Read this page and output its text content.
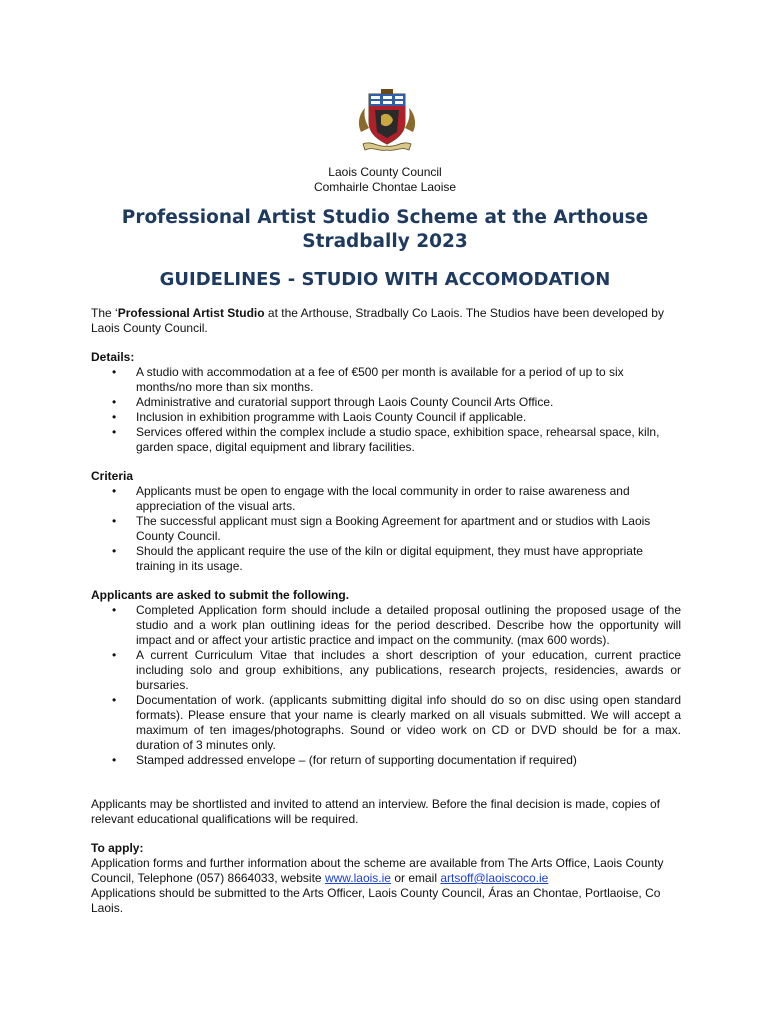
Laois County Council
Comhairle Chontae Laoise
Professional Artist Studio Scheme at the Arthouse Stradbally 2023
GUIDELINES - STUDIO WITH ACCOMODATION

The ‘Professional Artist Studio at the Arthouse, Stradbally Co Laois. The Studios have been developed by Laois County Council.

Details:
• A studio with accommodation at a fee of €500 per month is available for a period of up to six months/no more than six months.
• Administrative and curatorial support through Laois County Council Arts Office.
• Inclusion in exhibition programme with Laois County Council if applicable.
• Services offered within the complex include a studio space, exhibition space, rehearsal space, kiln, garden space, digital equipment and library facilities.
Criteria
• Applicants must be open to engage with the local community in order to raise awareness and appreciation of the visual arts.
• The successful applicant must sign a Booking Agreement for apartment and or studios with Laois County Council.
• Should the applicant require the use of the kiln or digital equipment, they must have appropriate training in its usage.
Applicants are asked to submit the following.
• Completed Application form should include a detailed proposal outlining the proposed usage of the studio and a work plan outlining ideas for the period described. Describe how the opportunity will impact and or affect your artistic practice and impact on the community. (max 600 words).
• A current Curriculum Vitae that includes a short description of your education, current practice including solo and group exhibitions, any publications, research projects, residencies, awards or bursaries.
• Documentation of work. (applicants submitting digital info should do so on disc using open standard formats). Please ensure that your name is clearly marked on all visuals submitted. We will accept a maximum of ten images/photographs. Sound or video work on CD or DVD should be for a max. duration of 3 minutes only.
• Stamped addressed envelope – (for return of supporting documentation if required)

Applicants may be shortlisted and invited to attend an interview. Before the final decision is made, copies of relevant educational qualifications will be required.

To apply:

Application forms and further information about the scheme are available from The Arts Office, Laois County Council, Telephone (057) 8664033, website www.laois.ie or email artsoff@laoiscoco.ie

Applications should be submitted to the Arts Officer, Laois County Council, Áras an Chontae, Portlaoise, Co Laois.
